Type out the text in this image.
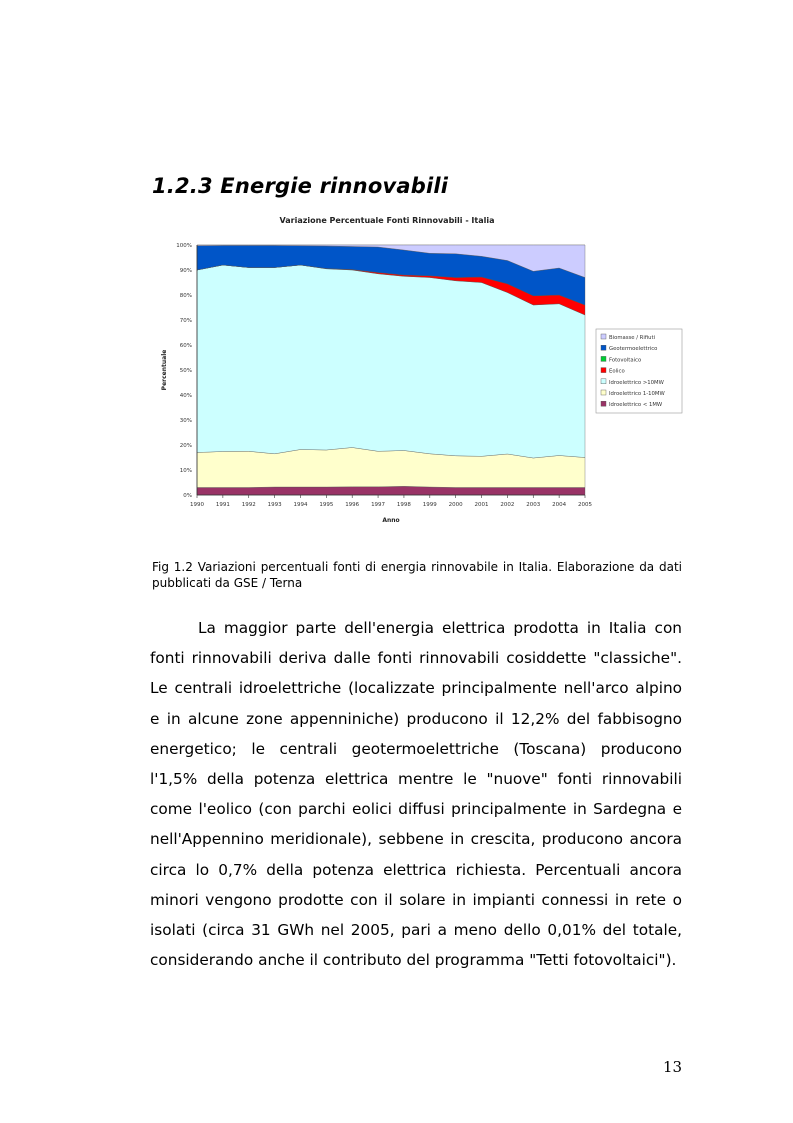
1.2.3 Energie rinnovabili
Variazione Percentuale Fonti Rinnovabili - Italia
0%
10%
20%
30%
40%
50%
60%
70%
80%
90%
100%
1990 1991 1992 1993 1994 1995 1996 1997 1998 1999 2000 2001 2002 2003 2004 2005
Percentuale
Anno
Biomasse / Rifiuti
Geotermoelettrico
Fotovoltaico
Eolico
Idroelettrico >10MW
Idroelettrico 1-10MW
Idroelettrico < 1MW
Fig 1.2 Variazioni percentuali fonti di energia rinnovabile in Italia. Elaborazione da dati pubblicati da GSE / Terna

La maggior parte dell'energia elettrica prodotta in Italia con fonti rinnovabili deriva dalle fonti rinnovabili cosiddette "classiche". Le centrali idroelettriche (localizzate principalmente nell'arco alpino e in alcune zone appenniniche) producono il 12,2% del fabbisogno energetico; le centrali geotermoelettriche (Toscana) producono l'1,5% della potenza elettrica mentre le "nuove" fonti rinnovabili come l'eolico (con parchi eolici diffusi principalmente in Sardegna e nell'Appennino meridionale), sebbene in crescita, producono ancora circa lo 0,7% della potenza elettrica richiesta. Percentuali ancora minori vengono prodotte con il solare in impianti connessi in rete o isolati (circa 31 GWh nel 2005, pari a meno dello 0,01% del totale, considerando anche il contributo del programma "Tetti fotovoltaici").

13
